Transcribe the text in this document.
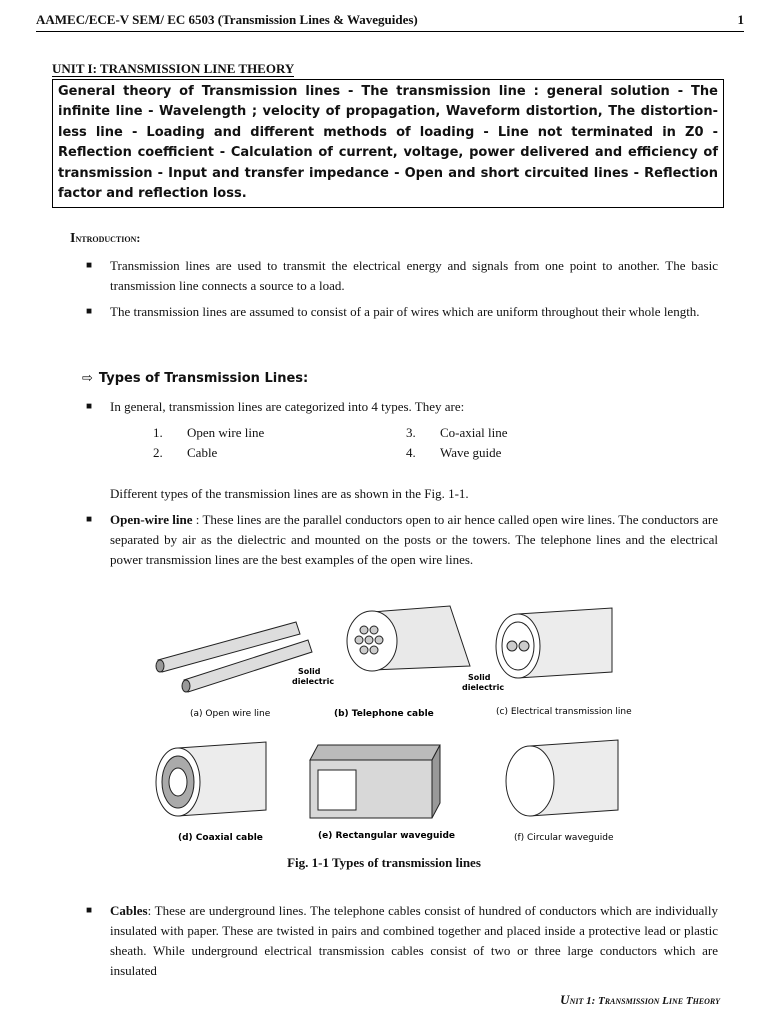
AAMEC/ECE-V SEM/ EC 6503 (Transmission Lines & Waveguides)	1
UNIT I: TRANSMISSION LINE THEORY
General theory of Transmission lines - The transmission line : general solution - The infinite line - Wavelength ; velocity of propagation, Waveform distortion, The distortion-less line - Loading and different methods of loading - Line not terminated in Z0 - Reflection coefficient - Calculation of current, voltage, power delivered and efficiency of transmission - Input and transfer impedance - Open and short circuited lines - Reflection factor and reflection loss.
Introduction:
■ Transmission lines are used to transmit the electrical energy and signals from one point to another. The basic transmission line connects a source to a load.
■ The transmission lines are assumed to consist of a pair of wires which are uniform throughout their whole length.
⇨ Types of Transmission Lines:
■ In general, transmission lines are categorized into 4 types. They are:
1. Open wire line
2. Cable
3. Co-axial line
4. Wave guide
Different types of the transmission lines are as shown in the Fig. 1-1.
■ Open-wire line : These lines are the parallel conductors open to air hence called open wire lines. The conductors are separated by air as the dielectric and mounted on the posts or the towers. The telephone lines and the electrical power transmission lines are the best examples of the open wire lines.
Solid
dielectric
(a) Open wire line	(b) Telephone cable
Solid
dielectric
(c) Electrical transmission line
(d) Coaxial cable	(e) Rectangular waveguide	(f) Circular waveguide
Fig. 1-1 Types of transmission lines
■ Cables: These are underground lines. The telephone cables consist of hundred of conductors which are individually insulated with paper. These are twisted in pairs and combined together and placed inside a protective lead or plastic sheath. While underground electrical transmission cables consist of two or three large conductors which are insulated
Unit 1: Transmission Line Theory
